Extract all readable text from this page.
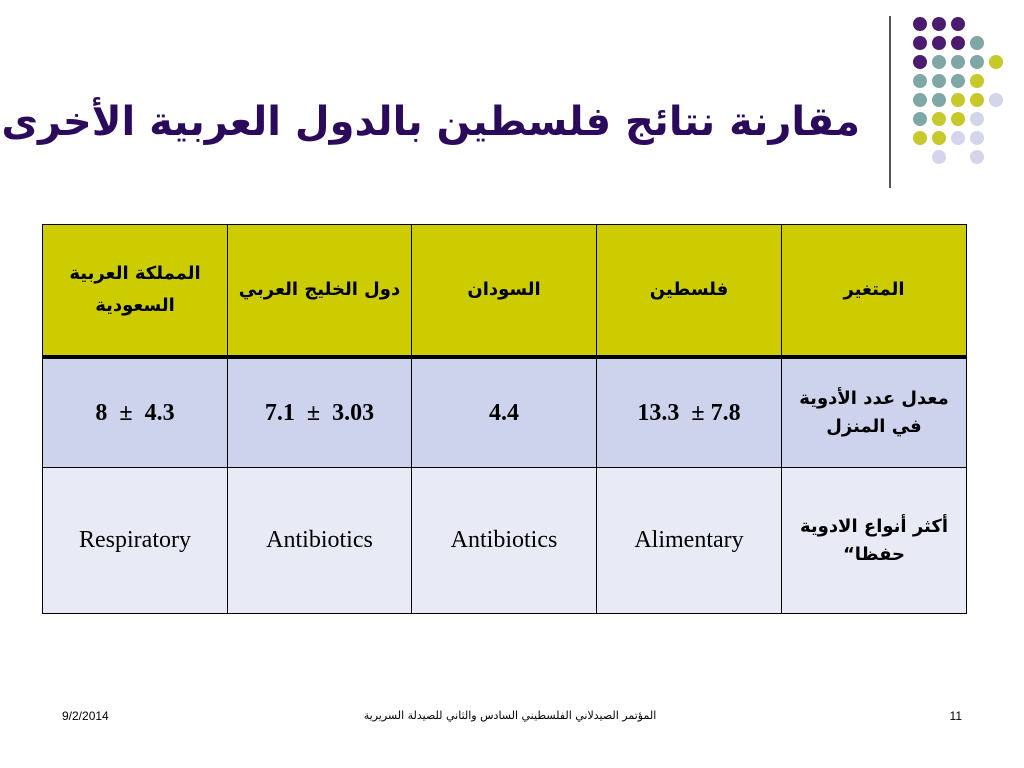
مقارنة نتائج فلسطين بالدول العربية الأخرى
المملكة العربية السعودية	دول الخليج العربي	السودان	فلسطين	المتغير
8  ±  4.3	7.1  ±  3.03	4.4	13.3  ± 7.8	معدل عدد الأدوية في المنزل
Respiratory	Antibiotics	Antibiotics	Alimentary	أكثر أنواع الادوية حفظا“
9/2/2014	المؤتمر الصيدلاني الفلسطيني السادس والثاني للصيدلة السريرية	11
